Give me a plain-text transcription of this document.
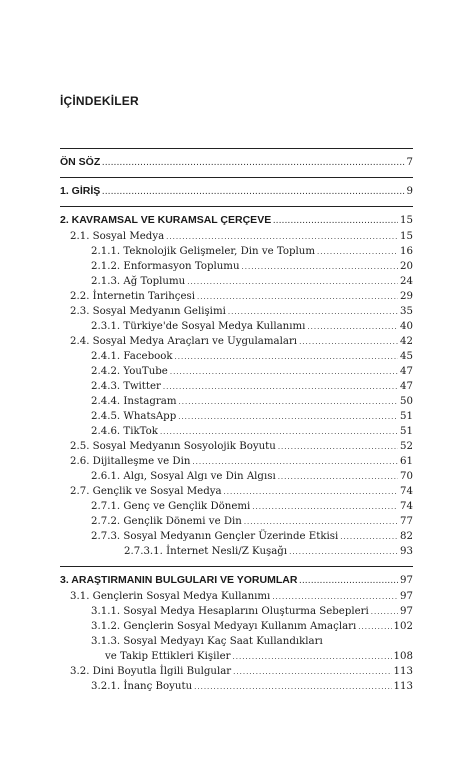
İÇİNDEKİLER
ÖN SÖZ .....	7
1. GİRİŞ .....	9
2. KAVRAMSAL VE KURAMSAL ÇERÇEVE .....	15
2.1. Sosyal Medya .....	15
2.1.1. Teknolojik Gelişmeler, Din ve Toplum .....	16
2.1.2. Enformasyon Toplumu .....	20
2.1.3. Ağ Toplumu .....	24
2.2. İnternetin Tarihçesi .....	29
2.3. Sosyal Medyanın Gelişimi .....	35
2.3.1. Türkiye'de Sosyal Medya Kullanımı .....	40
2.4. Sosyal Medya Araçları ve Uygulamaları .....	42
2.4.1. Facebook .....	45
2.4.2. YouTube .....	47
2.4.3. Twitter .....	47
2.4.4. Instagram .....	50
2.4.5. WhatsApp .....	51
2.4.6. TikTok .....	51
2.5. Sosyal Medyanın Sosyolojik Boyutu .....	52
2.6. Dijitalleşme ve Din .....	61
2.6.1. Algı, Sosyal Algı ve Din Algısı .....	70
2.7. Gençlik ve Sosyal Medya .....	74
2.7.1. Genç ve Gençlik Dönemi .....	74
2.7.2. Gençlik Dönemi ve Din .....	77
2.7.3. Sosyal Medyanın Gençler Üzerinde Etkisi .....	82
2.7.3.1. İnternet Nesli/Z Kuşağı .....	93
3. ARAŞTIRMANIN BULGULARI VE YORUMLAR .....	97
3.1. Gençlerin Sosyal Medya Kullanımı .....	97
3.1.1. Sosyal Medya Hesaplarını Oluşturma Sebepleri .....	97
3.1.2. Gençlerin Sosyal Medyayı Kullanım Amaçları .....	102
3.1.3. Sosyal Medyayı Kaç Saat Kullandıkları
ve Takip Ettikleri Kişiler .....	108
3.2. Dini Boyutla İlgili Bulgular .....	113
3.2.1. İnanç Boyutu .....	113
